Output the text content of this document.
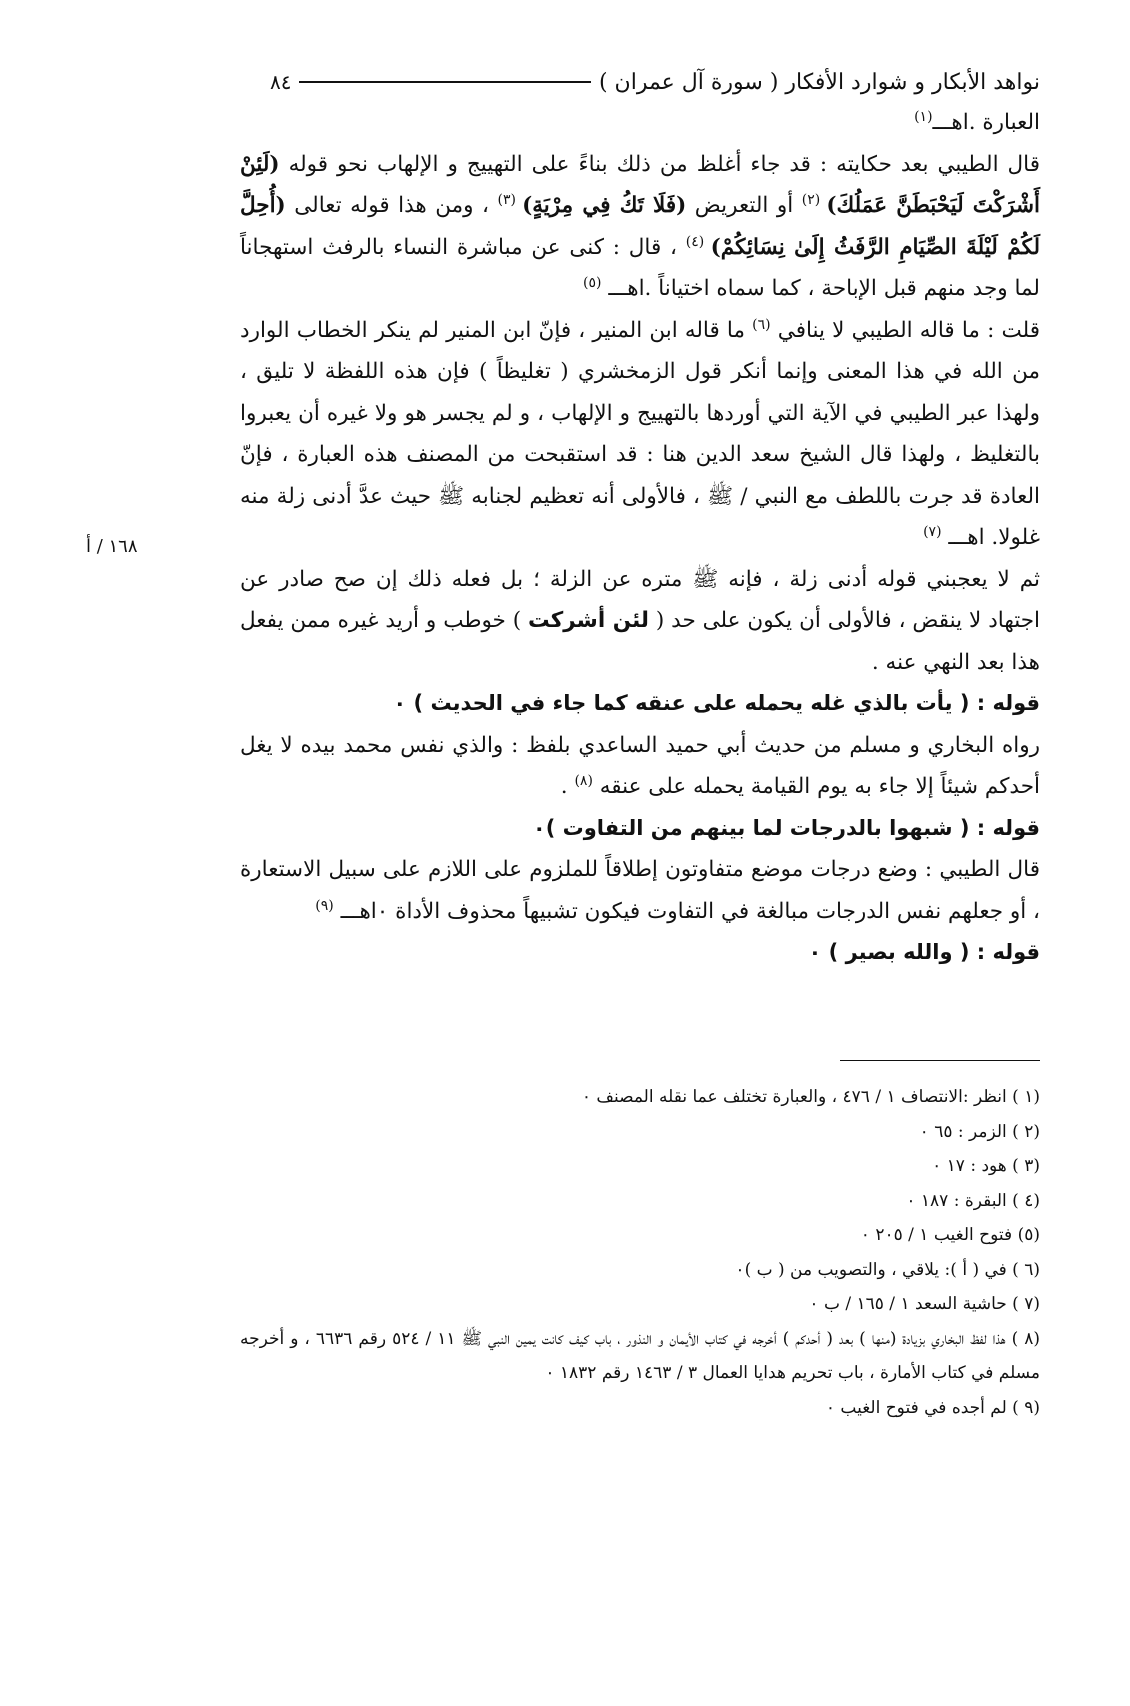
نواهد الأبكار و شوارد الأفكار ( سورة آل عمران )
٨٤
١٦٨ / أ

العبارة .اهـــ$^{(١)}$

قال الطيبي بعد حكايته : قد جاء أغلظ من ذلك بناءً على التهييج و الإلهاب نحو قوله (لَئِنْ أَشْرَكْتَ لَيَحْبَطَنَّ عَمَلُكَ) $^{(٢)}$ أو التعريض (فَلَا تَكُ فِي مِرْيَةٍ) $^{(٣)}$ ، ومن هذا قوله تعالى (أُحِلَّ لَكُمْ لَيْلَةَ الصِّيَامِ الرَّفَثُ إِلَىٰ نِسَائِكُمْ) $^{(٤)}$ ، قال : كنى عن مباشرة النساء بالرفث استهجاناً لما وجد منهم قبل الإباحة ، كما سماه اختياناً .اهـــ $^{(٥)}$

قلت : ما قاله الطيبي لا ينافي $^{(٦)}$ ما قاله ابن المنير ، فإنّ ابن المنير لم ينكر الخطاب الوارد من الله في هذا المعنى وإنما أنكر قول الزمخشري ( تغليظاً ) فإن هذه اللفظة لا تليق ، ولهذا عبر الطيبي في الآية التي أوردها بالتهييج و الإلهاب ، و لم يجسر هو ولا غيره أن يعبروا بالتغليظ ، ولهذا قال الشيخ سعد الدين هنا : قد استقبحت من المصنف هذه العبارة ، فإنّ العادة قد جرت باللطف مع النبي / ﷺ ، فالأولى أنه تعظيم لجنابه ﷺ حيث عدَّ أدنى زلة منه غلولا. اهـــ $^{(٧)}$

ثم لا يعجبني قوله أدنى زلة ، فإنه ﷺ متره عن الزلة ؛ بل فعله ذلك إن صح صادر عن اجتهاد لا ينقض ، فالأولى أن يكون على حد ( لئن أشركت ) خوطب و أريد غيره ممن يفعل هذا بعد النهي عنه .

قوله : ( يأت بالذي غله يحمله على عنقه كما جاء في الحديث ) ٠

رواه البخاري و مسلم من حديث أبي حميد الساعدي بلفظ : والذي نفس محمد بيده لا يغل أحدكم شيئاً إلا جاء به يوم القيامة يحمله على عنقه $^{(٨)}$ .

قوله : ( شبهوا بالدرجات لما بينهم من التفاوت )٠

قال الطيبي : وضع درجات موضع متفاوتون إطلاقاً للملزوم على اللازم على سبيل الاستعارة ، أو جعلهم نفس الدرجات مبالغة في التفاوت فيكون تشبيهاً محذوف الأداة ٠اهـــ $^{(٩)}$

قوله : ( والله بصير ) ٠

(١ ) انظر :الانتصاف ١ / ٤٧٦ ، والعبارة تختلف عما نقله المصنف ٠

(٢ ) الزمر : ٦٥ ٠

(٣ ) هود : ١٧ ٠

(٤ ) البقرة : ١٨٧ ٠

(٥) فتوح الغيب ١ / ٢٠٥ ٠

(٦ ) في ( أ ): يلاقي ، والتصويب من ( ب )٠

(٧ ) حاشية السعد ١ / ١٦٥ / ب ٠

(٨ ) هذا لفظ البخاري بزيادة (منها ) بعد ( أحدكم ) أخرجه في كتاب الأيمان و النذور ، باب كيف كانت يمين النبي ﷺ ١١ / ٥٢٤ رقم ٦٦٣٦ ، و أخرجه مسلم في كتاب الأمارة ، باب تحريم هدايا العمال ٣ / ١٤٦٣ رقم ١٨٣٢ ٠

(٩ ) لم أجده في فتوح الغيب ٠
